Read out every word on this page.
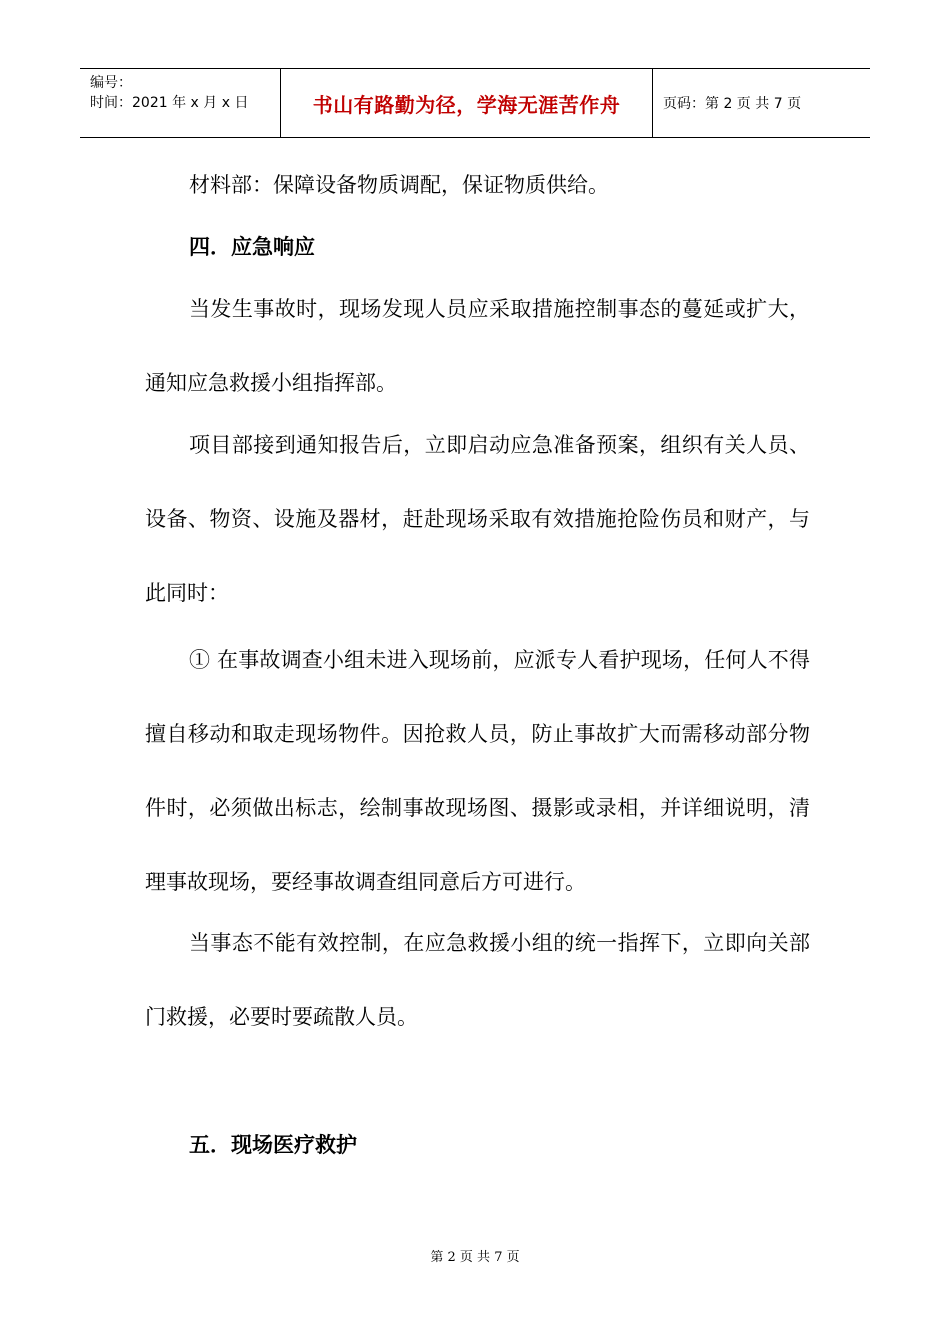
编号：
时间：2021 年 x 月 x 日	书山有路勤为径，学海无涯苦作舟	页码：第 2 页 共 7 页

材料部：保障设备物质调配，保证物质供给。

四．应急响应

当发生事故时，现场发现人员应采取措施控制事态的蔓延或扩大，通知应急救援小组指挥部。

项目部接到通知报告后，立即启动应急准备预案，组织有关人员、设备、物资、设施及器材，赶赴现场采取有效措施抢险伤员和财产，与此同时：

① 在事故调查小组未进入现场前，应派专人看护现场，任何人不得擅自移动和取走现场物件。因抢救人员，防止事故扩大而需移动部分物件时，必须做出标志，绘制事故现场图、摄影或录相，并详细说明，清理事故现场，要经事故调查组同意后方可进行。

当事态不能有效控制，在应急救援小组的统一指挥下，立即向关部门救援，必要时要疏散人员。

五．现场医疗救护
第 2 页 共 7 页
